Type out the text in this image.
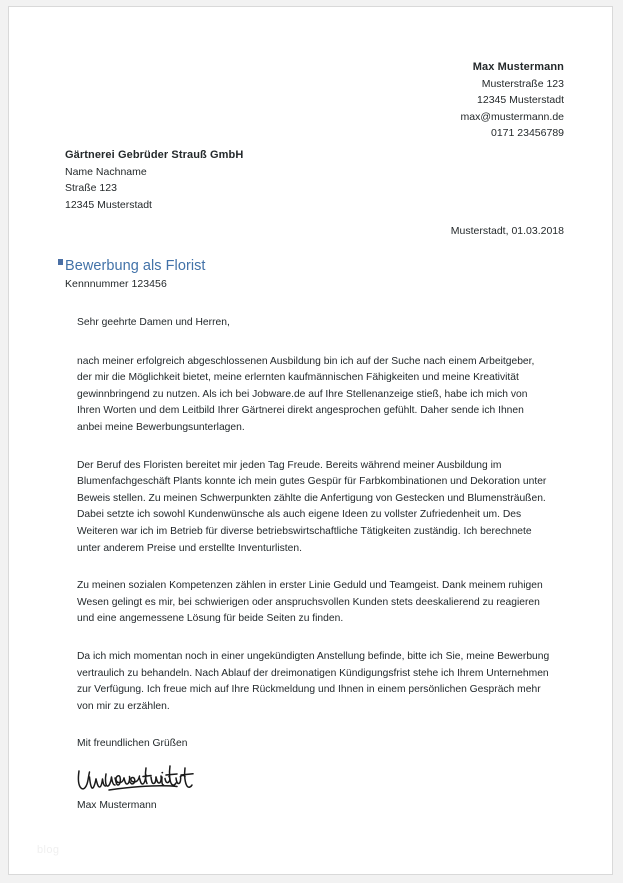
Max Mustermann
Musterstraße 123
12345 Musterstadt
max@mustermann.de
0171 23456789
Gärtnerei Gebrüder Strauß GmbH
Name Nachname
Straße 123
12345 Musterstadt
Musterstadt, 01.03.2018
Bewerbung als Florist
Kennnummer 123456

Sehr geehrte Damen und Herren,

nach meiner erfolgreich abgeschlossenen Ausbildung bin ich auf der Suche nach einem Arbeitgeber, der mir die Möglichkeit bietet, meine erlernten kaufmännischen Fähigkeiten und meine Kreativität gewinnbringend zu nutzen. Als ich bei Jobware.de auf Ihre Stellenanzeige stieß, habe ich mich von Ihren Worten und dem Leitbild Ihrer Gärtnerei direkt angesprochen gefühlt. Daher sende ich Ihnen anbei meine Bewerbungsunterlagen.

Der Beruf des Floristen bereitet mir jeden Tag Freude. Bereits während meiner Ausbildung im Blumenfachgeschäft Plants konnte ich mein gutes Gespür für Farbkombinationen und Dekoration unter Beweis stellen. Zu meinen Schwerpunkten zählte die Anfertigung von Gestecken und Blumensträußen. Dabei setzte ich sowohl Kundenwünsche als auch eigene Ideen zu vollster Zufriedenheit um. Des Weiteren war ich im Betrieb für diverse betriebswirtschaftliche Tätigkeiten zuständig. Ich berechnete unter anderem Preise und erstellte Inventurlisten.

Zu meinen sozialen Kompetenzen zählen in erster Linie Geduld und Teamgeist. Dank meinem ruhigen Wesen gelingt es mir, bei schwierigen oder anspruchsvollen Kunden stets deeskalierend zu reagieren und eine angemessene Lösung für beide Seiten zu finden.

Da ich mich momentan noch in einer ungekündigten Anstellung befinde, bitte ich Sie, meine Bewerbung vertraulich zu behandeln. Nach Ablauf der dreimonatigen Kündigungsfrist stehe ich Ihrem Unternehmen zur Verfügung. Ich freue mich auf Ihre Rückmeldung und Ihnen in einem persönlichen Gespräch mehr von mir zu erzählen.

Mit freundlichen Grüßen

Max Mustermann
blog
